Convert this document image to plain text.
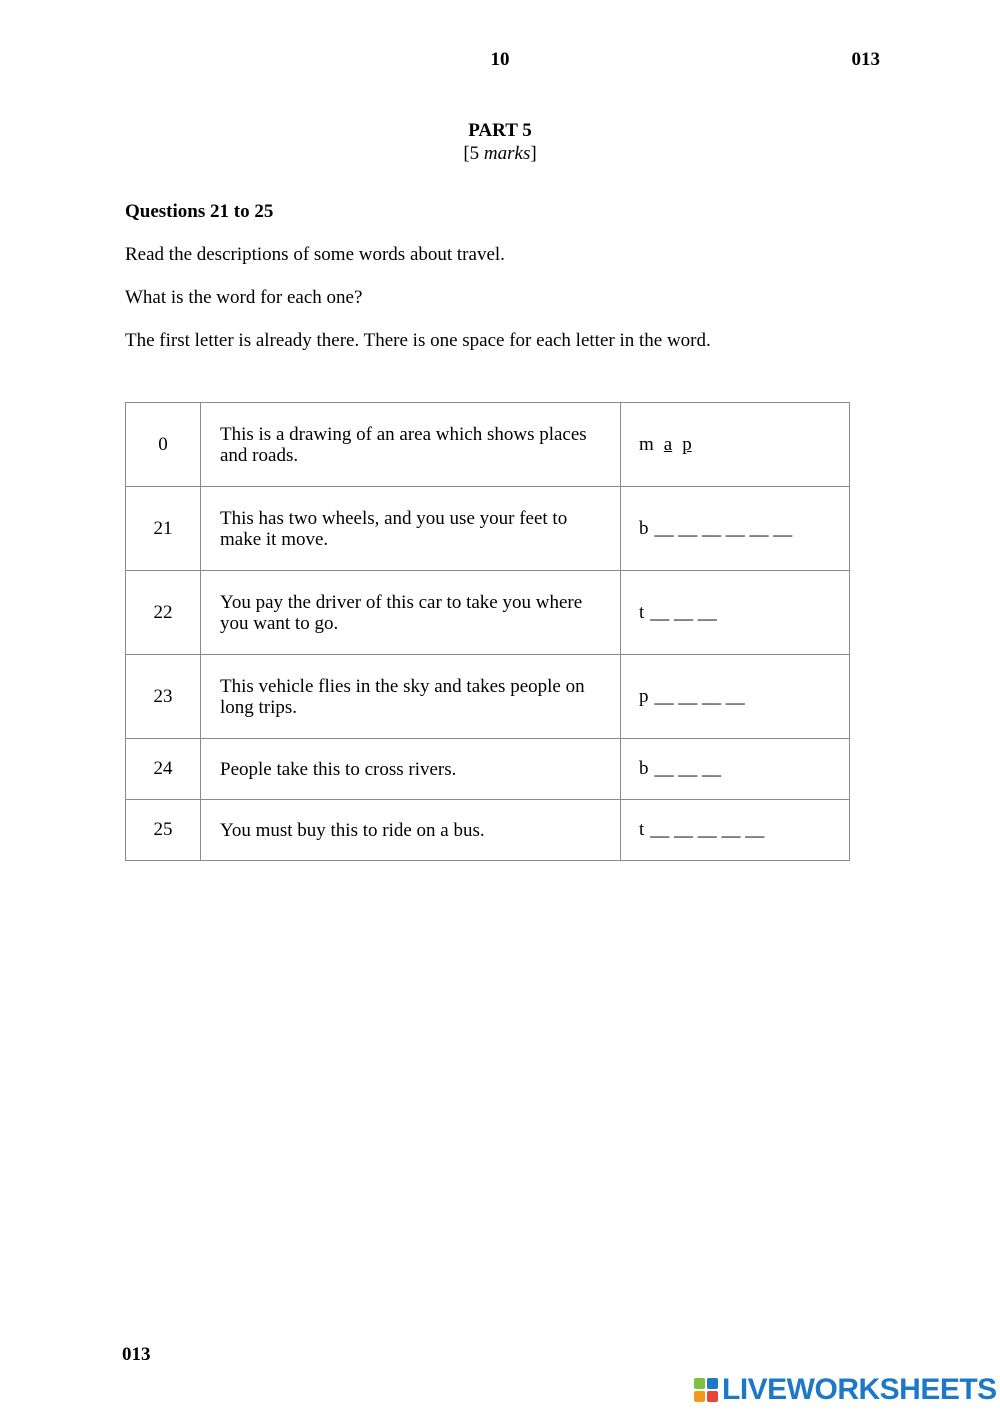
10	013
PART 5
[5 marks]
Questions 21 to 25
Read the descriptions of some words about travel.
What is the word for each one?
The first letter is already there. There is one space for each letter in the word.
0	This is a drawing of an area which shows places and roads.	m a p
21	This has two wheels, and you use your feet to make it move.	b __ __ __ __ __ __
22	You pay the driver of this car to take you where you want to go.	t __ __ __
23	This vehicle flies in the sky and takes people on long trips.	p __ __ __ __
24	People take this to cross rivers.	b __ __ __
25	You must buy this to ride on a bus.	t __ __ __ __ __
013
LIVEWORKSHEETS
